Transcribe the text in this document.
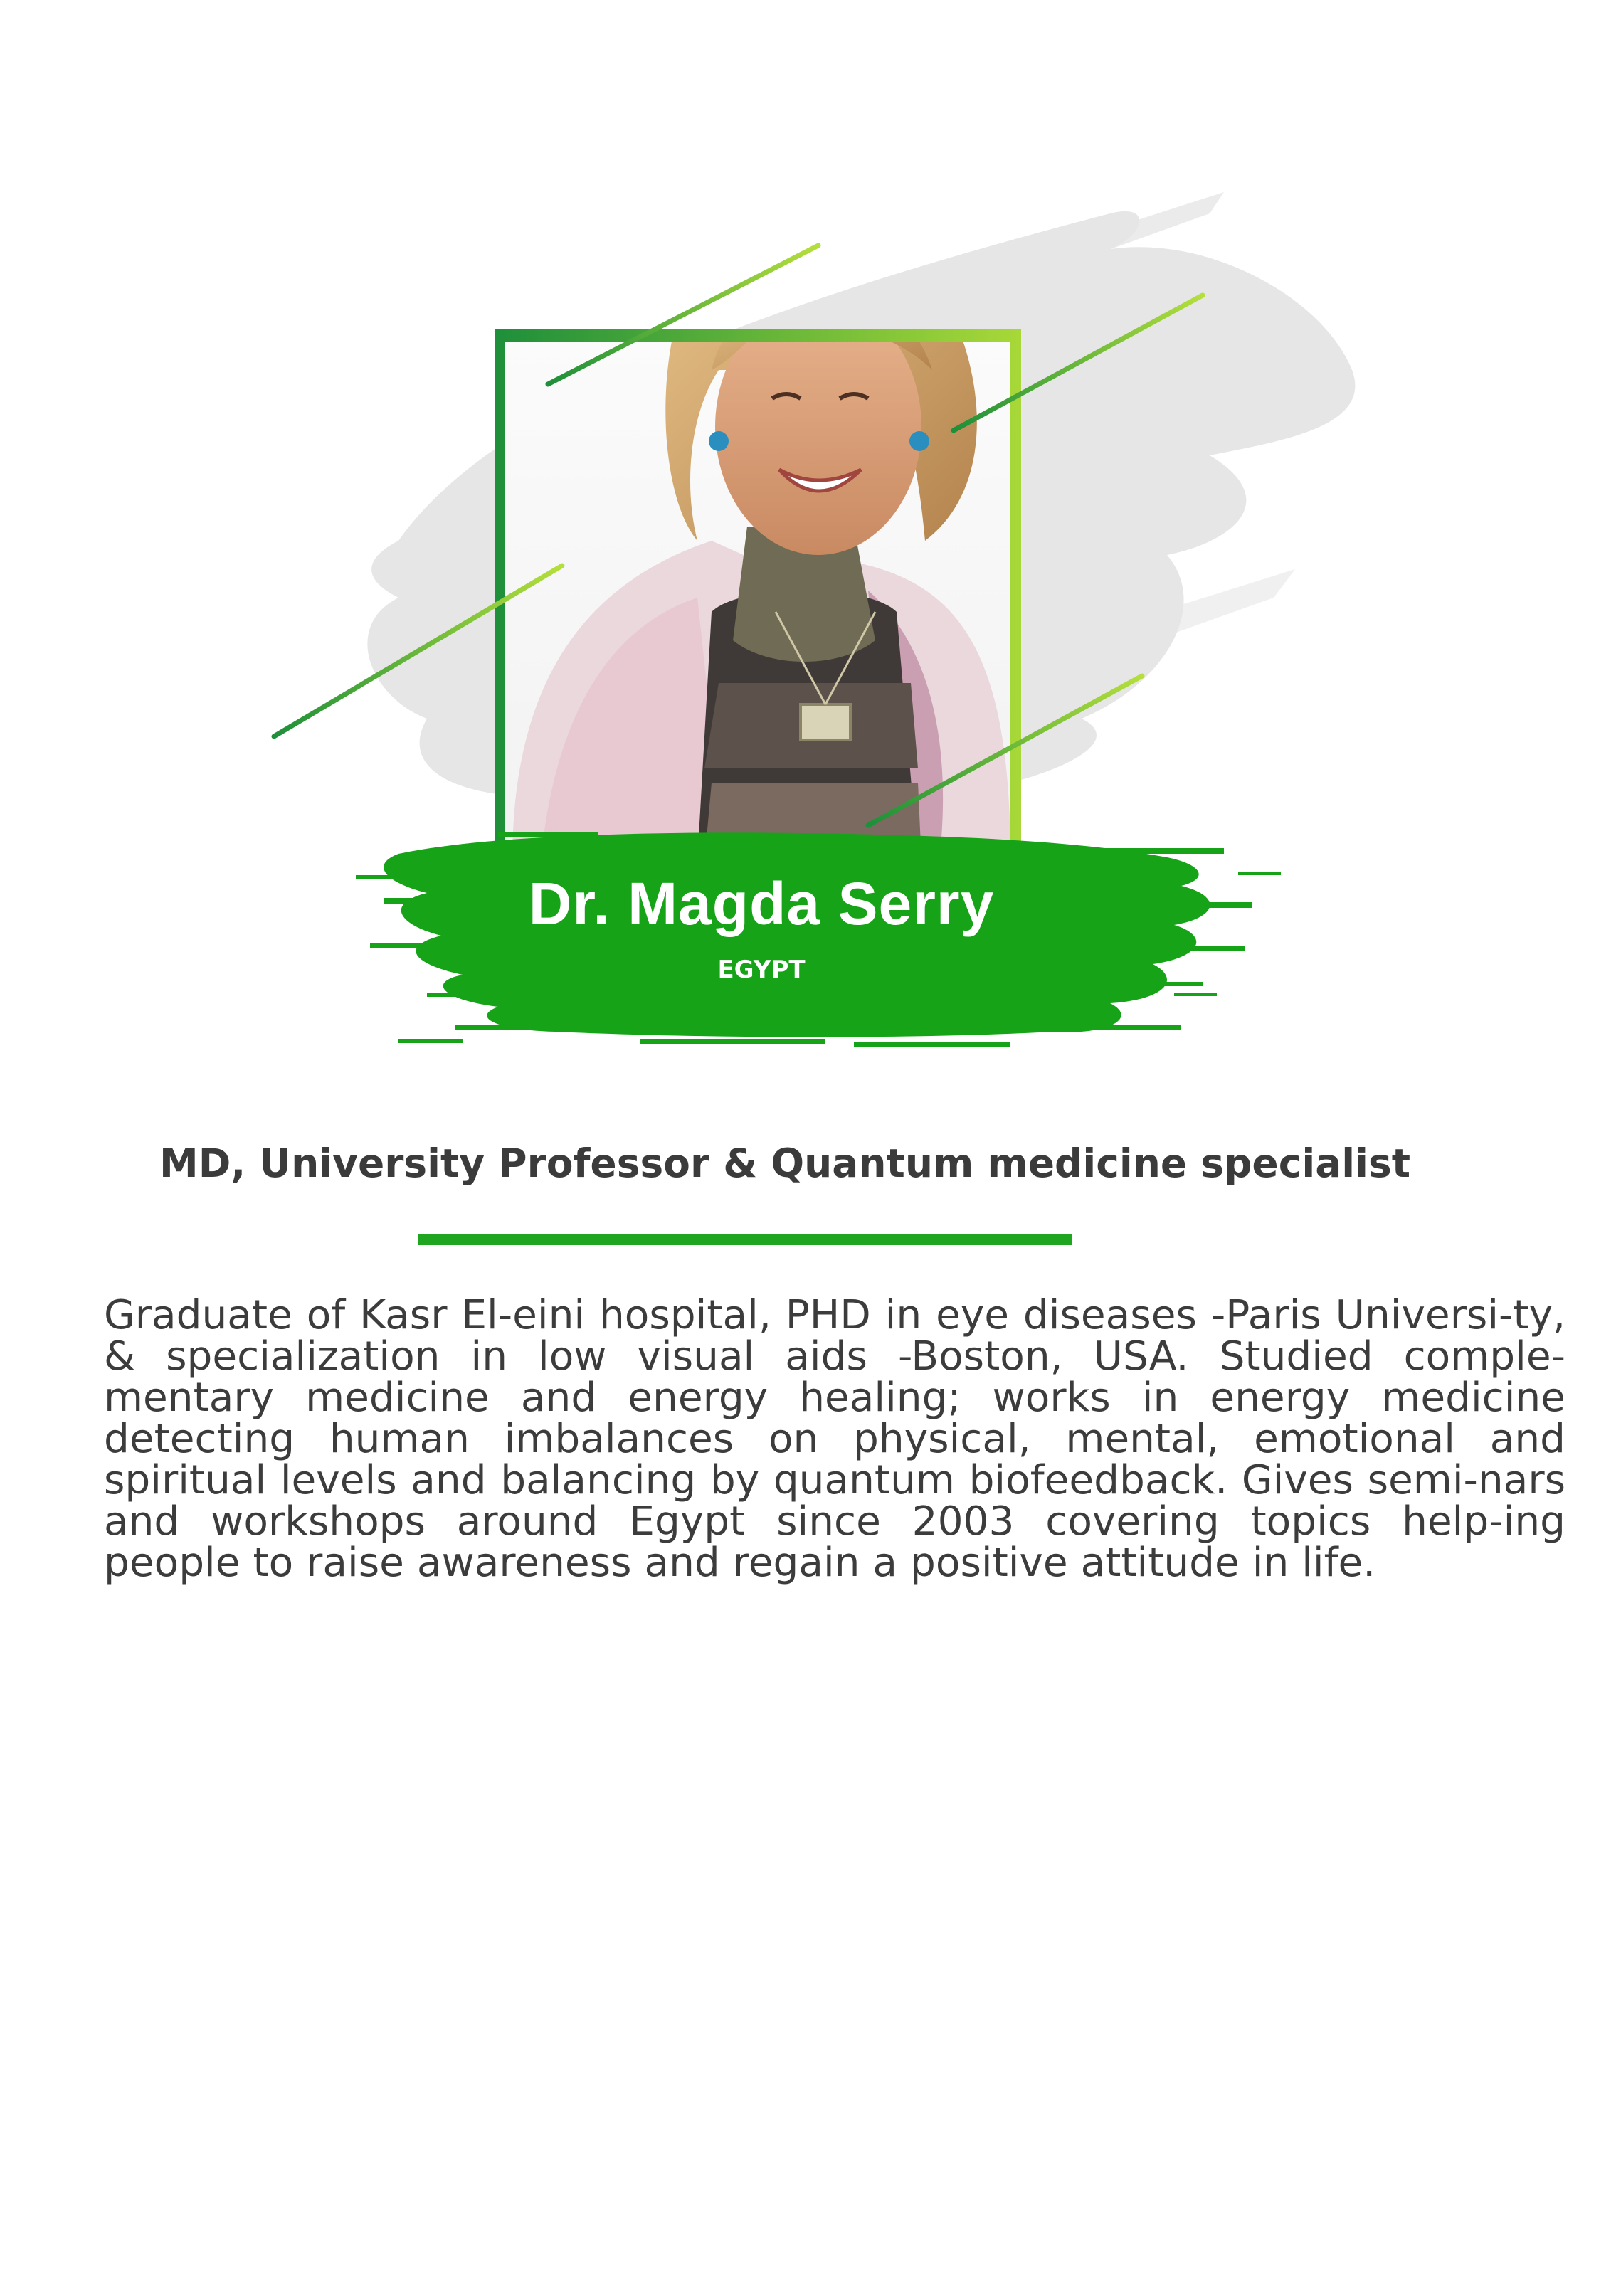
Dr. Magda Serry
EGYPT
MD, University Professor & Quantum medicine specialist

Graduate of Kasr El-eini hospital, PHD in eye diseases -Paris Universi-ty, & specialization in low visual aids -Boston, USA. Studied comple-mentary medicine and energy healing; works in energy medicine detecting human imbalances on physical, mental, emotional and spiritual levels and balancing by quantum biofeedback. Gives semi-nars and workshops around Egypt since 2003 covering topics help-ing people to raise awareness and regain a positive attitude in life.
